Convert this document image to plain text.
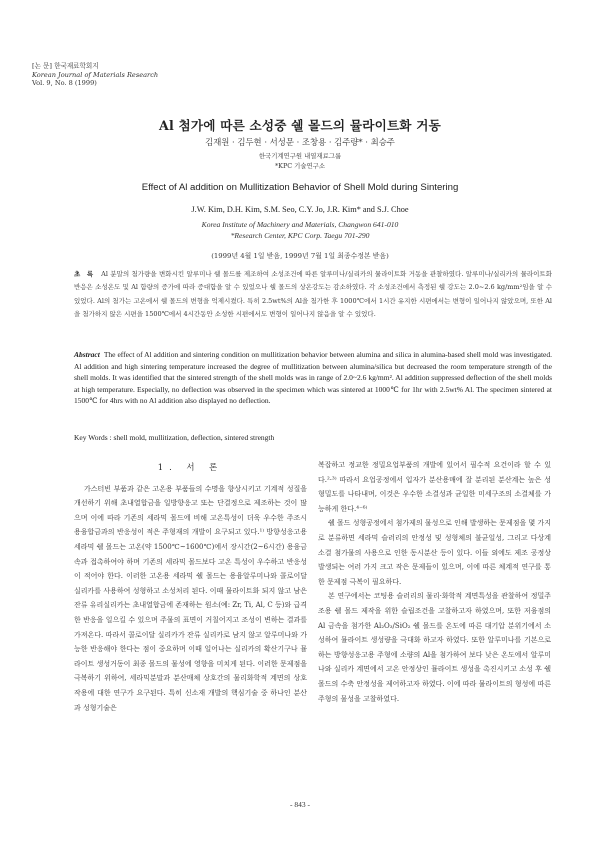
[논 문] 한국재료학회지
Korean Journal of Materials Research
Vol. 9, No. 8 (1999)
Al 첨가에 따른 소성중 쉘 몰드의 뮬라이트화 거동
김재원 · 김두현 · 서성문 · 조창용 · 김주량* · 최승주
한국기계연구원 내열재료그룹
*KPC 기술연구소
Effect of Al addition on Mullitization Behavior of Shell Mold during Sintering
J.W. Kim, D.H. Kim, S.M. Seo, C.Y. Jo, J.R. Kim* and S.J. Choe
Korea Institute of Machinery and Materials, Changwon 641-010
*Research Center, KPC Corp. Taegu 701-290
(1999년 4월 1일 받음, 1999년 7월 1일 최종수정본 받음)
초 록 Al 분말의 첨가량을 변화시킨 알루미나 쉘 몰드를 제조하여 소성조건에 따른 알루미나/실리카의 뮬라이트화 거동을 관찰하였다. 알루미나/실리카의 뮬라이트화 반응은 소성온도 및 Al 함량의 증가에 따라 증대함을 알 수 있었으나 쉘 몰드의 상온강도는 감소하였다. 각 소성조건에서 측정된 쉘 강도는 2.0~2.6 kg/mm²임을 알 수 있었다. Al의 첨가는 고온에서 쉘 몰드의 변형을 억제시켰다. 특히 2.5wt%의 Al을 첨가한 후 1000℃에서 1시간 유지한 시편에서는 변형이 일어나지 않았으며, 또한 Al을 첨가하지 않은 시편을 1500℃에서 4시간동안 소성한 시편에서도 변형이 일어나지 않음을 알 수 있었다.
Abstract The effect of Al addition and sintering condition on mullitization behavior between alumina and silica in alumina-based shell mold was investigated. Al addition and high sintering temperature increased the degree of mullitization between alumina/silica but decreased the room temperature strength of the shell molds. It was identified that the sintered strength of the shell molds was in range of 2.0~2.6 kg/mm². Al addition suppressed deflection of the shell molds at high temperature. Especially, no deflection was observed in the specimen which was sintered at 1000℃ for 1hr with 2.5wt% Al. The specimen sintered at 1500℃ for 4hrs with no Al addition also displayed no deflection.
Key Words : shell mold, mullitization, deflection, sintered strength
1. 서 론

가스터빈 부품과 같은 고온용 부품들의 수명을 향상시키고 기계적 성질을 개선하기 위해 초내열합금을 일방향응고 또는 단결정으로 제조하는 것이 많으며 이에 따라 기존의 세라믹 몰드에 비해 고온특성이 더욱 우수한 주조시 용융합금과의 반응성이 적은 주형재의 개발이 요구되고 있다.¹⁾ 방향성응고용 세라믹 쉘 몰드는 고온(약 1500℃~1600℃)에서 장시간(2~6시간) 용융금속과 접촉하여야 하며 기존의 세라믹 몰드보다 고온 특성이 우수하고 반응성이 적어야 한다. 이러한 고온용 세라믹 쉘 몰드는 용융알루미나와 콜로이달 실리카를 사용하여 성형하고 소성처리 된다. 이때 뮬라이트화 되지 않고 남은 잔류 유리실리카는 초내열합금에 존재하는 원소(예: Zr, Ti, Al, C 등)와 급격한 반응을 일으킬 수 있으며 주물의 표면이 거칠어지고 조성이 변하는 결과를 가져온다. 따라서 콜로이달 실리카가 잔류 실리카로 남지 않고 알루미나와 가능한 반응해야 한다는 점이 중요하며 이때 일어나는 실리카의 확산기구나 뮬라이트 생성거동이 최종 몰드의 물성에 영향을 미치게 된다. 이러한 문제점을 극복하기 위하여, 세라믹분말과 분산매체 상호간의 물리화학적 계면의 상호작용에 대한 연구가 요구된다. 특히 신소재 개발의 핵심기술 중 하나인 분산과 성형기술은

복잡하고 정교한 정밀요업부품의 개발에 있어서 필수적 요건이라 할 수 있다.²·³⁾ 따라서 요업공정에서 입자가 분산용매에 잘 분리된 분산계는 높은 성형밀도를 나타내며, 이것은 우수한 소결성과 균일한 미세구조의 소결체를 가능하게 한다.⁴⁻⁶⁾

쉘 몰드 성형공정에서 첨가제의 물성으로 인해 발생하는 문제점을 몇 가지로 분류하면 세라믹 슬러리의 안정성 및 성형체의 불균일성, 그리고 다상계 소결 첨가물의 사용으로 인한 동시분산 등이 있다. 이들 외에도 제조 공정상 발생되는 여러 가지 크고 작은 문제들이 있으며, 이에 따른 체계적 연구를 통한 문제점 극복이 필요하다.

본 연구에서는 코팅용 슬러리의 물리·화학적 계면특성을 관찰하여 정밀주조용 쉘 몰드 제작을 위한 슬립조건을 고찰하고자 하였으며, 또한 저융점의 Al 금속을 첨가한 Al₂O₃/SiO₂ 쉘 몰드를 온도에 따른 대기압 분위기에서 소성하여 뮬라이트 생성량을 극대화 하고자 하였다. 또한 알루미나를 기본으로 하는 방향성응고용 주형에 소량의 Al을 첨가하여 보다 낮은 온도에서 알루미나와 실리카 계면에서 고온 안정상인 뮬라이트 생성을 촉진시키고 소성 후 쉘 몰드의 수축 안정성을 제어하고자 하였다. 이에 따라 뮬라이트의 형성에 따른 주형의 물성을 고찰하였다.

- 843 -
